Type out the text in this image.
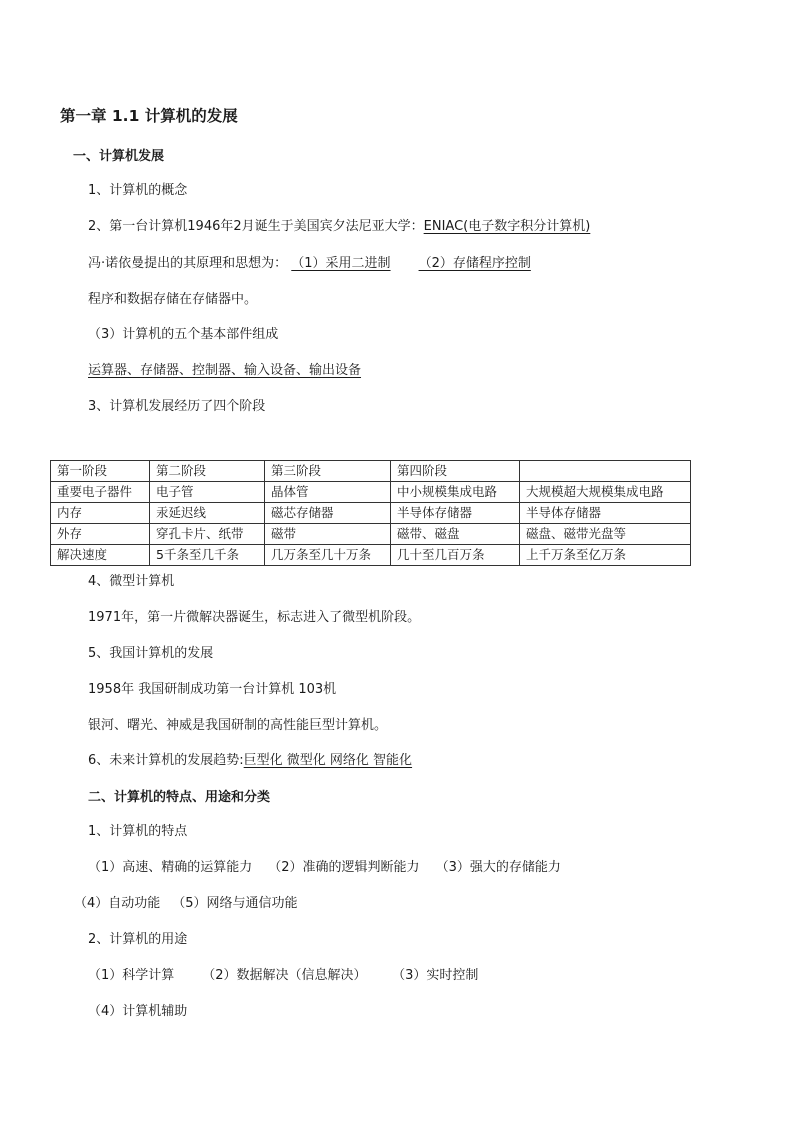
第一章 1.1 计算机的发展
一、计算机发展
1、计算机的概念
2、第一台计算机1946年2月诞生于美国宾夕法尼亚大学：ENIAC(电子数字积分计算机)
冯·诺依曼提出的其原理和思想为： （1）采用二进制 （2）存储程序控制
程序和数据存储在存储器中。
（3）计算机的五个基本部件组成
运算器、存储器、控制器、输入设备、输出设备
3、计算机发展经历了四个阶段
第一阶段	第二阶段	第三阶段	第四阶段	
重要电子器件	电子管	晶体管	中小规模集成电路	大规模超大规模集成电路
内存	汞延迟线	磁芯存储器	半导体存储器	半导体存储器
外存	穿孔卡片、纸带	磁带	磁带、磁盘	磁盘、磁带光盘等
解决速度	5千条至几千条	几万条至几十万条	几十至几百万条	上千万条至亿万条
4、微型计算机
1971年，第一片微解决器诞生，标志进入了微型机阶段。
5、我国计算机的发展
1958年 我国研制成功第一台计算机 103机
银河、曙光、神威是我国研制的高性能巨型计算机。
6、未来计算机的发展趋势:巨型化 微型化 网络化 智能化
二、计算机的特点、用途和分类
1、计算机的特点
（1）高速、精确的运算能力 （2）准确的逻辑判断能力 （3）强大的存储能力
（4）自动功能 （5）网络与通信功能
2、计算机的用途
（1）科学计算 （2）数据解决（信息解决） （3）实时控制
（4）计算机辅助
